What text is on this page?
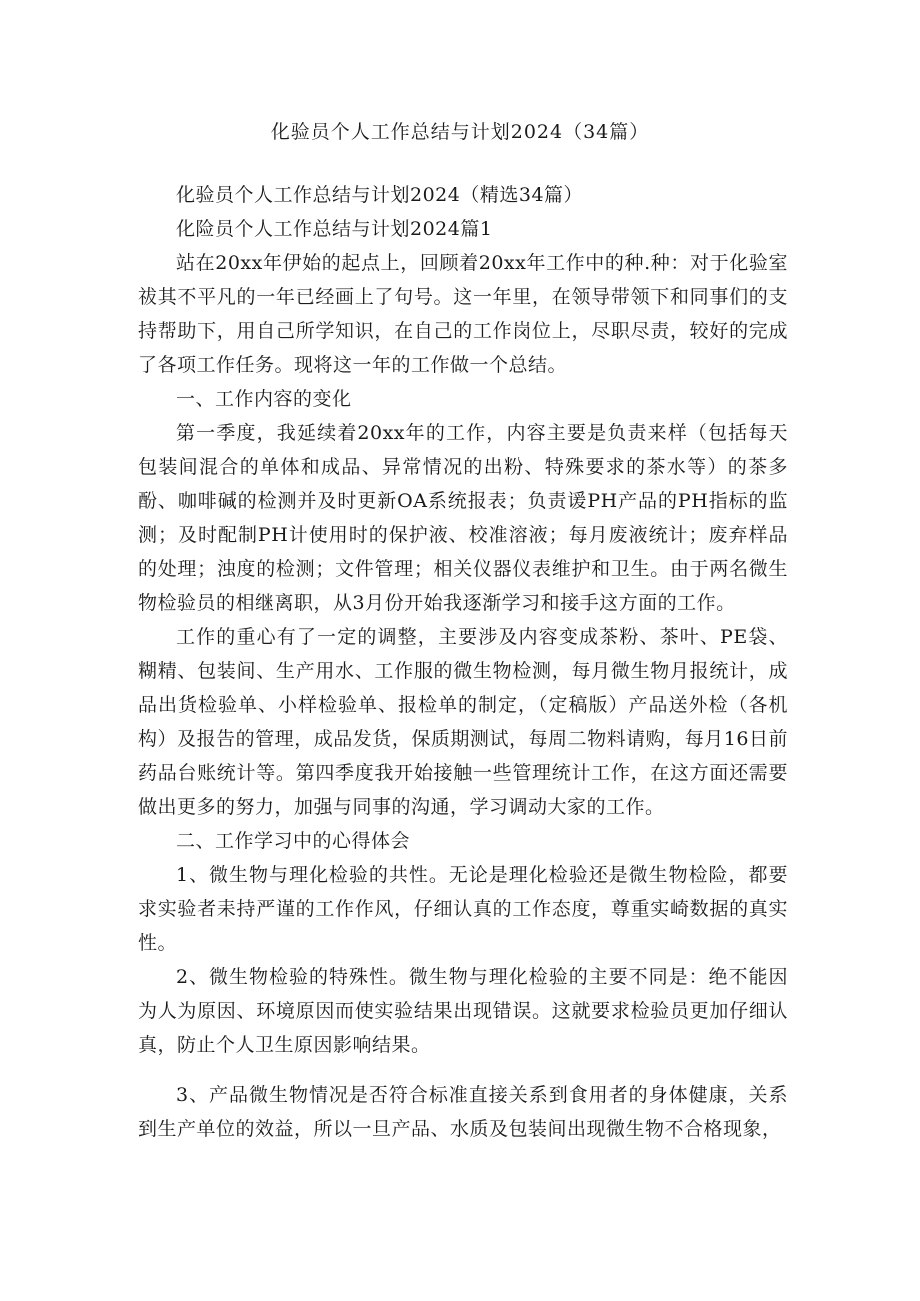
化验员个人工作总结与计划2024（34篇）

化验员个人工作总结与计划2024（精选34篇）

化险员个人工作总结与计划2024篇1

站在20xx年伊始的起点上，回顾着20xx年工作中的种.种：对于化验室祓其不平凡的一年已经画上了句号。这一年里，在领导带领下和同事们的支持帮助下，用自己所学知识，在自己的工作岗位上，尽职尽责，较好的完成了各项工作任务。现将这一年的工作做一个总结。

一、工作内容的变化

第一季度，我延续着20xx年的工作，内容主要是负责来样（包括每天包装间混合的单体和成品、异常情况的出粉、特殊要求的茶水等）的茶多酚、咖啡碱的检测并及时更新OA系统报表；负责谖PH产品的PH指标的监测；及时配制PH计使用时的保护液、校准溶液；每月废液统计；废弃样品的处理；浊度的检测；文件管理；相关仪器仪表维护和卫生。由于两名微生物检验员的相继离职，从3月份开始我逐渐学习和接手这方面的工作。

工作的重心有了一定的调整，主要涉及内容变成茶粉、茶叶、PE袋、糊精、包装间、生产用水、工作服的微生物检测，每月微生物月报统计，成品出货检验单、小样检验单、报检单的制定，（定稿版）产品送外检（各机构）及报告的管理，成品发货，保质期测试，每周二物料请购，每月16日前药品台账统计等。第四季度我开始接触一些管理统计工作，在这方面还需要做出更多的努力，加强与同事的沟通，学习调动大家的工作。

二、工作学习中的心得体会

1、微生物与理化检验的共性。无论是理化检验还是微生物检险，都要求实验者耒持严谨的工作作风，仔细认真的工作态度，尊重实崎数据的真实性。

2、微生物检验的特殊性。微生物与理化检验的主要不同是：绝不能因为人为原因、环境原因而使实验结果出现错误。这就要求检验员更加仔细认真，防止个人卫生原因影响结果。

3、产品微生物情况是否符合标准直接关系到食用者的身体健康，关系到生产单位的效益，所以一旦产品、水质及包装间出现微生物不合格现象，
